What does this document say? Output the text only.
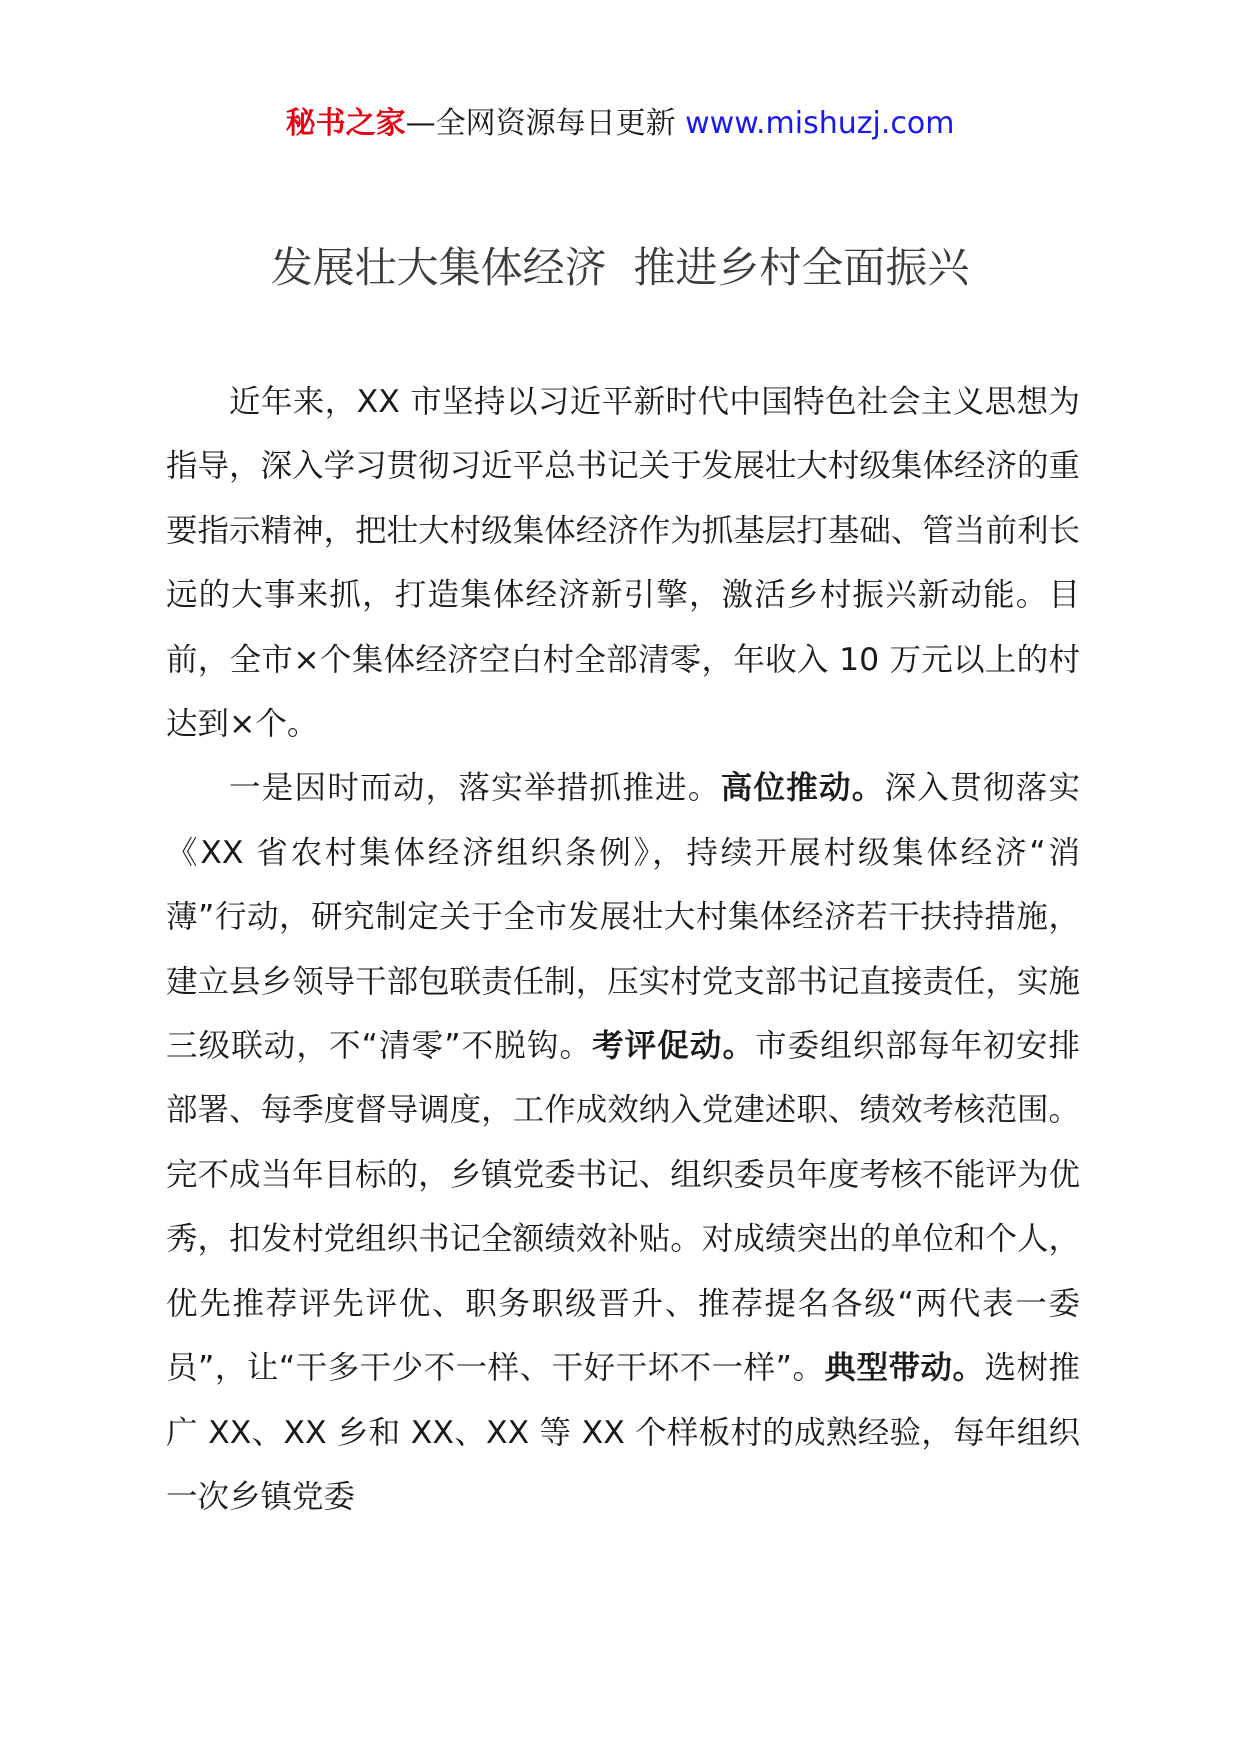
秘书之家—全网资源每日更新 www.mishuzj.com
发展壮大集体经济  推进乡村全面振兴

近年来，XX 市坚持以习近平新时代中国特色社会主义思想为指导，深入学习贯彻习近平总书记关于发展壮大村级集体经济的重要指示精神，把壮大村级集体经济作为抓基层打基础、管当前利长远的大事来抓，打造集体经济新引擎，激活乡村振兴新动能。目前，全市×个集体经济空白村全部清零，年收入 10 万元以上的村达到×个。

一是因时而动，落实举措抓推进。高位推动。深入贯彻落实《XX 省农村集体经济组织条例》，持续开展村级集体经济“消薄”行动，研究制定关于全市发展壮大村集体经济若干扶持措施，建立县乡领导干部包联责任制，压实村党支部书记直接责任，实施三级联动，不“清零”不脱钩。考评促动。市委组织部每年初安排部署、每季度督导调度，工作成效纳入党建述职、绩效考核范围。完不成当年目标的，乡镇党委书记、组织委员年度考核不能评为优秀，扣发村党组织书记全额绩效补贴。对成绩突出的单位和个人，优先推荐评先评优、职务职级晋升、推荐提名各级“两代表一委员”，让“干多干少不一样、干好干坏不一样”。典型带动。选树推广 XX、XX 乡和 XX、XX 等 XX 个样板村的成熟经验，每年组织一次乡镇党委
